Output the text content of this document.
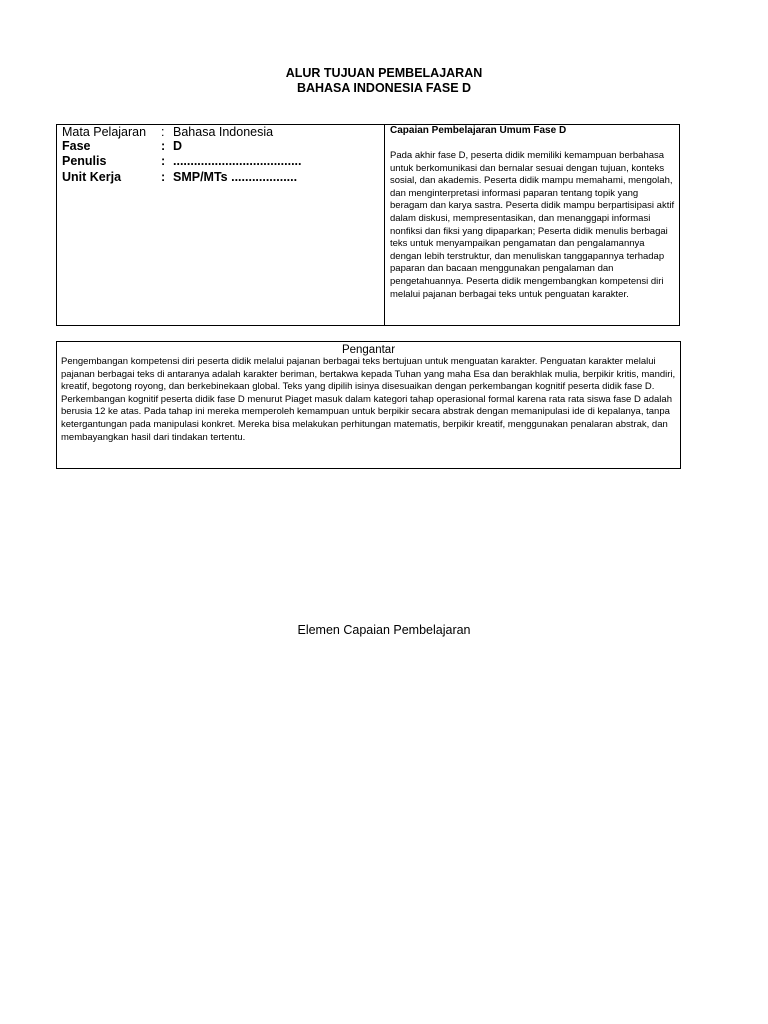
ALUR TUJUAN PEMBELAJARAN
BAHASA INDONESIA FASE D
Mata Pelajaran : Bahasa Indonesia
Fase	: D
Penulis	: .....................................
Unit Kerja	: SMP/MTs ...................
Capaian Pembelajaran Umum Fase D
Pada akhir fase D, peserta didik memiliki kemampuan berbahasa untuk berkomunikasi dan bernalar sesuai dengan tujuan, konteks sosial, dan akademis. Peserta didik mampu memahami, mengolah, dan menginterpretasi informasi paparan tentang topik yang beragam dan karya sastra. Peserta didik mampu berpartisipasi aktif dalam diskusi, mempresentasikan, dan menanggapi informasi nonfiksi dan fiksi yang dipaparkan; Peserta didik menulis berbagai teks untuk menyampaikan pengamatan dan pengalamannya dengan lebih terstruktur, dan menuliskan tanggapannya terhadap paparan dan bacaan menggunakan pengalaman dan pengetahuannya. Peserta didik mengembangkan kompetensi diri melalui pajanan berbagai teks untuk penguatan karakter.
Pengantar
Pengembangan kompetensi diri peserta didik melalui pajanan berbagai teks bertujuan untuk menguatan karakter. Penguatan karakter melalui pajanan berbagai teks di antaranya adalah karakter beriman, bertakwa kepada Tuhan yang maha Esa dan berakhlak mulia, berpikir kritis, mandiri, kreatif, begotong royong, dan berkebinekaan global. Teks yang dipilih isinya disesuaikan dengan perkembangan kognitif peserta didik fase D. Perkembangan kognitif peserta didik fase D menurut Piaget masuk dalam kategori tahap operasional formal karena rata rata siswa fase D adalah berusia 12 ke atas. Pada tahap ini mereka memperoleh kemampuan untuk berpikir secara abstrak dengan memanipulasi ide di kepalanya, tanpa ketergantungan pada manipulasi konkret. Mereka bisa melakukan perhitungan matematis, berpikir kreatif, menggunakan penalaran abstrak, dan membayangkan hasil dari tindakan tertentu.
Elemen Capaian Pembelajaran
